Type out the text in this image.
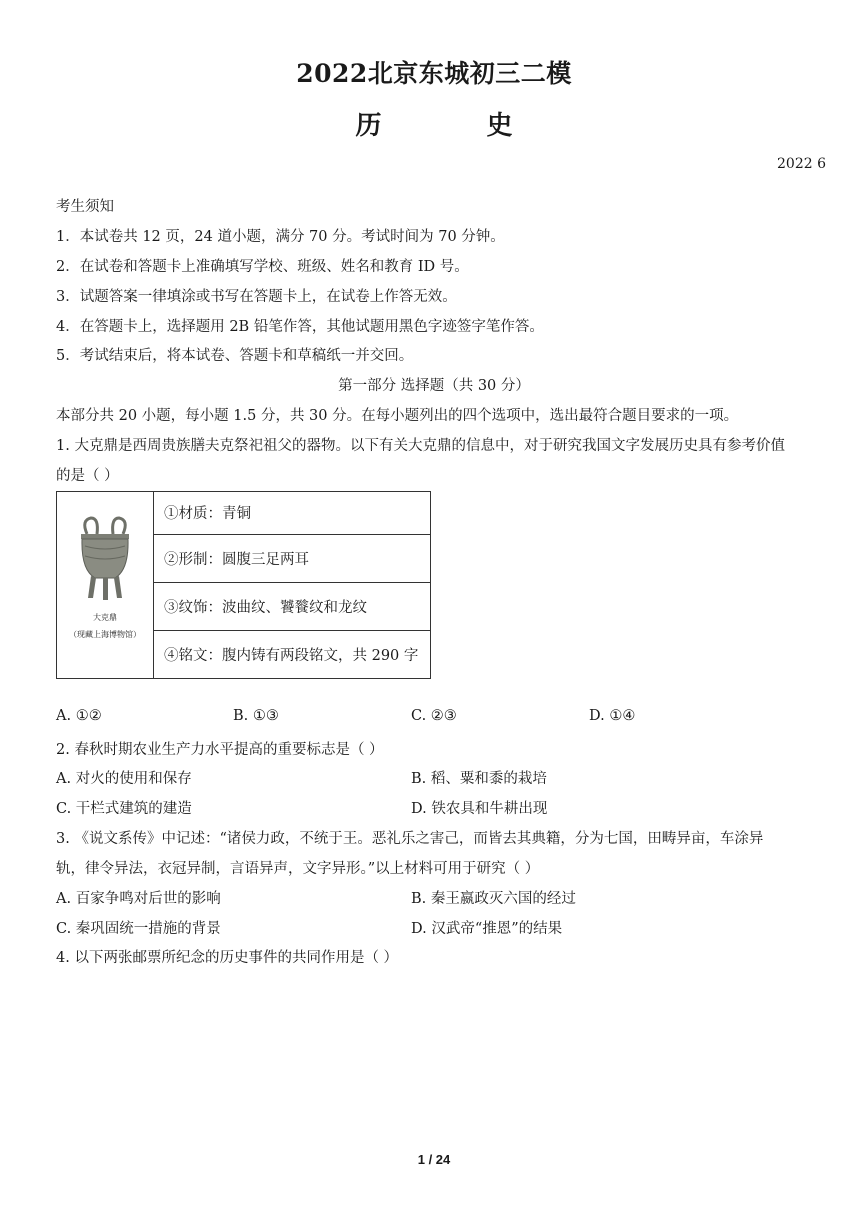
2022北京东城初三二模
历 史
2022 6
考生须知
1．本试卷共 12 页，24 道小题，满分 70 分。考试时间为 70 分钟。
2．在试卷和答题卡上准确填写学校、班级、姓名和教育 ID 号。
3．试题答案一律填涂或书写在答题卡上，在试卷上作答无效。
4．在答题卡上，选择题用 2B 铅笔作答，其他试题用黑色字迹签字笔作答。
5．考试结束后，将本试卷、答题卡和草稿纸一并交回。
第一部分 选择题（共 30 分）
本部分共 20 小题，每小题 1.5 分，共 30 分。在每小题列出的四个选项中，选出最符合题目要求的一项。
1. 大克鼎是西周贵族膳夫克祭祀祖父的器物。以下有关大克鼎的信息中，对于研究我国文字发展历史具有参考价值
的是（ ）
大克鼎
（现藏上海博物馆）
	①材质：青铜
②形制：圆腹三足两耳
③纹饰：波曲纹、饕餮纹和龙纹
④铭文：腹内铸有两段铭文，共 290 字
A. ①②	B. ①③	C. ②③	D. ①④
2. 春秋时期农业生产力水平提高的重要标志是（ ）
A. 对火的使用和保存	B. 稻、粟和黍的栽培
C. 干栏式建筑的建造	D. 铁农具和牛耕出现
3. 《说文系传》中记述：“诸侯力政，不统于王。恶礼乐之害己，而皆去其典籍，分为七国，田畴异亩，车涂异
轨，律令异法，衣冠异制，言语异声，文字异形。”以上材料可用于研究（ ）
A. 百家争鸣对后世的影响	B. 秦王嬴政灭六国的经过
C. 秦巩固统一措施的背景	D. 汉武帝“推恩”的结果
4. 以下两张邮票所纪念的历史事件的共同作用是（ ）
1 / 24
